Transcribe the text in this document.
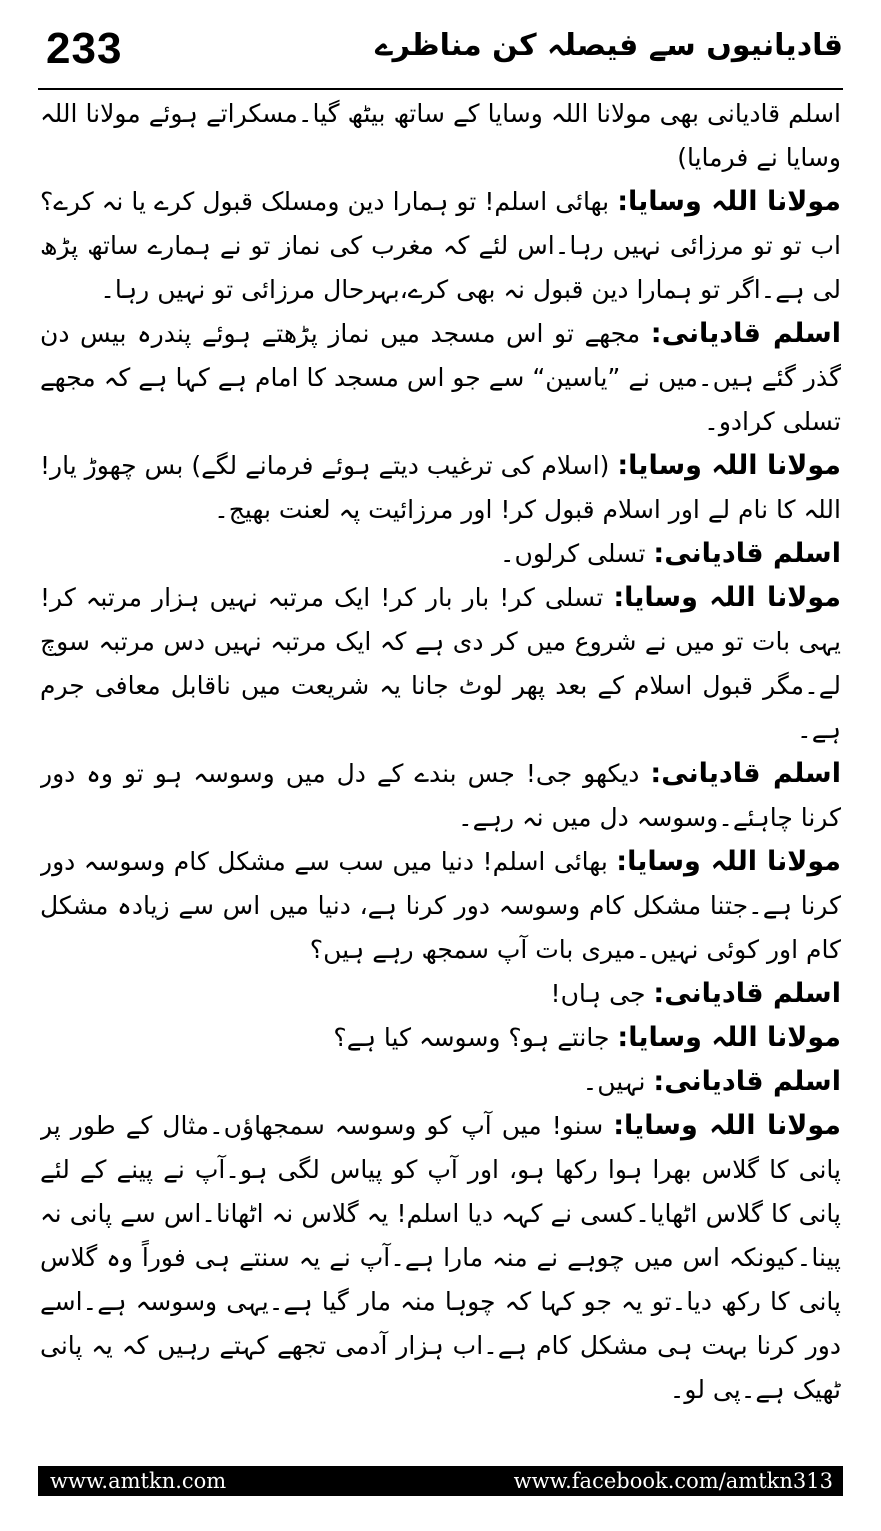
233	قادیانیوں سے فیصلہ کن مناظرے

اسلم قادیانی بھی مولانا اللہ وسایا کے ساتھ بیٹھ گیا۔مسکراتے ہوئے مولانا اللہ وسایا نے فرمایا)

مولانا اللہ وسایا: بھائی اسلم! تو ہمارا دین ومسلک قبول کرے یا نہ کرے؟ اب تو تو مرزائی نہیں رہا۔اس لئے کہ مغرب کی نماز تو نے ہمارے ساتھ پڑھ لی ہے۔اگر تو ہمارا دین قبول نہ بھی کرے،بہرحال مرزائی تو نہیں رہا۔

اسلم قادیانی: مجھے تو اس مسجد میں نماز پڑھتے ہوئے پندرہ بیس دن گذر گئے ہیں۔میں نے ”یاسین“ سے جو اس مسجد کا امام ہے کہا ہے کہ مجھے تسلی کرادو۔

مولانا اللہ وسایا: (اسلام کی ترغیب دیتے ہوئے فرمانے لگے) بس چھوڑ یار! اللہ کا نام لے اور اسلام قبول کر! اور مرزائیت پہ لعنت بھیج۔

اسلم قادیانی: تسلی کرلوں۔

مولانا اللہ وسایا: تسلی کر! بار بار کر! ایک مرتبہ نہیں ہزار مرتبہ کر! یہی بات تو میں نے شروع میں کر دی ہے کہ ایک مرتبہ نہیں دس مرتبہ سوچ لے۔مگر قبول اسلام کے بعد پھر لوٹ جانا یہ شریعت میں ناقابل معافی جرم ہے۔

اسلم قادیانی: دیکھو جی! جس بندے کے دل میں وسوسہ ہو تو وہ دور کرنا چاہئے۔وسوسہ دل میں نہ رہے۔

مولانا اللہ وسایا: بھائی اسلم! دنیا میں سب سے مشکل کام وسوسہ دور کرنا ہے۔جتنا مشکل کام وسوسہ دور کرنا ہے، دنیا میں اس سے زیادہ مشکل کام اور کوئی نہیں۔میری بات آپ سمجھ رہے ہیں؟

اسلم قادیانی: جی ہاں!

مولانا اللہ وسایا: جانتے ہو؟ وسوسہ کیا ہے؟

اسلم قادیانی: نہیں۔

مولانا اللہ وسایا: سنو! میں آپ کو وسوسہ سمجھاؤں۔مثال کے طور پر پانی کا گلاس بھرا ہوا رکھا ہو، اور آپ کو پیاس لگی ہو۔آپ نے پینے کے لئے پانی کا گلاس اٹھایا۔کسی نے کہہ دیا اسلم! یہ گلاس نہ اٹھانا۔اس سے پانی نہ پینا۔کیونکہ اس میں چوہے نے منہ مارا ہے۔آپ نے یہ سنتے ہی فوراً وہ گلاس پانی کا رکھ دیا۔تو یہ جو کہا کہ چوہا منہ مار گیا ہے۔یہی وسوسہ ہے۔اسے دور کرنا بہت ہی مشکل کام ہے۔اب ہزار آدمی تجھے کہتے رہیں کہ یہ پانی ٹھیک ہے۔پی لو۔

www.amtkn.com	www.facebook.com/amtkn313
